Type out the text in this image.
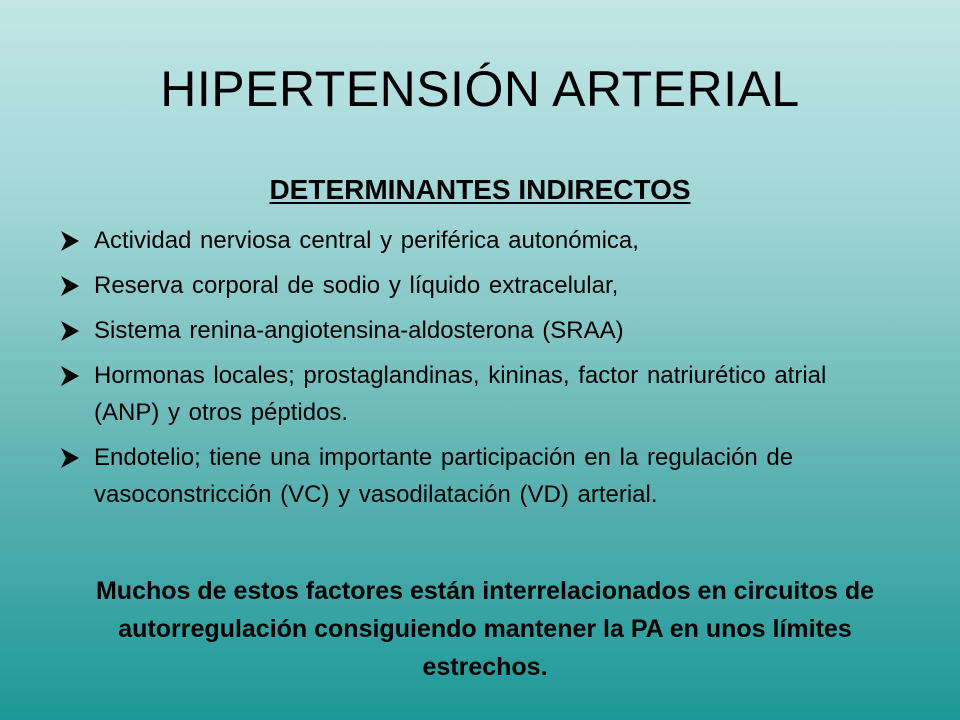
HIPERTENSIÓN ARTERIAL
DETERMINANTES INDIRECTOS
Actividad nerviosa central y periférica autonómica,
Reserva corporal de sodio y líquido extracelular,
Sistema renina-angiotensina-aldosterona (SRAA)
Hormonas locales; prostaglandinas, kininas, factor natriurético atrial (ANP) y otros péptidos.
Endotelio; tiene una importante participación en la regulación de vasoconstricción (VC) y vasodilatación (VD) arterial.

Muchos de estos factores están interrelacionados en circuitos de autorregulación consiguiendo mantener la PA en unos límites estrechos.
